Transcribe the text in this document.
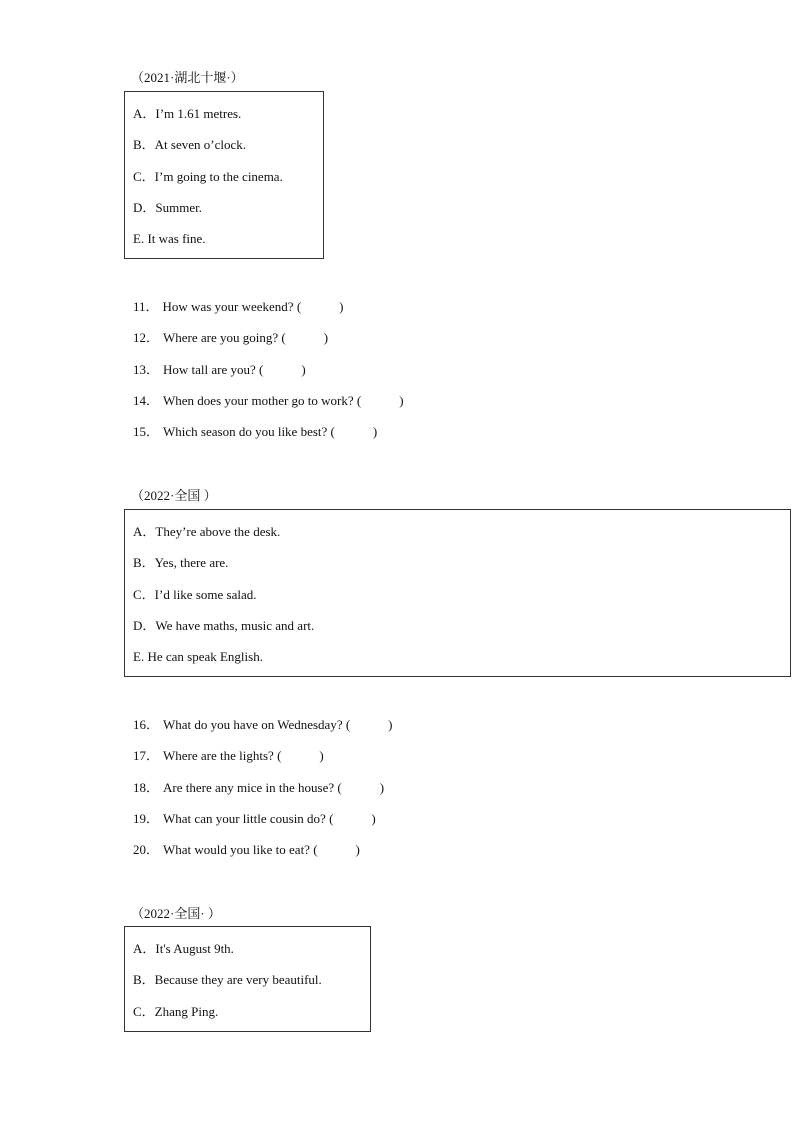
（2021·湖北十堰·）
A．I’m 1.61 metres.
B．At seven o’clock.
C．I’m going to the cinema.
D．Summer.
E. It was fine.
11． How was your weekend? (	)
12． Where are you going? (	)
13． How tall are you? (	)
14． When does your mother go to work? (	)
15． Which season do you like best? (	)
（2022·全国 ）
A．They’re above the desk.
B．Yes, there are.
C．I’d like some salad.
D．We have maths, music and art.
E. He can speak English.
16． What do you have on Wednesday? (	)
17． Where are the lights? (	)
18． Are there any mice in the house? (	)
19． What can your little cousin do? (	)
20． What would you like to eat? (	)
（2022·全国· ）
A．It's August 9th.
B．Because they are very beautiful.
C．Zhang Ping.
